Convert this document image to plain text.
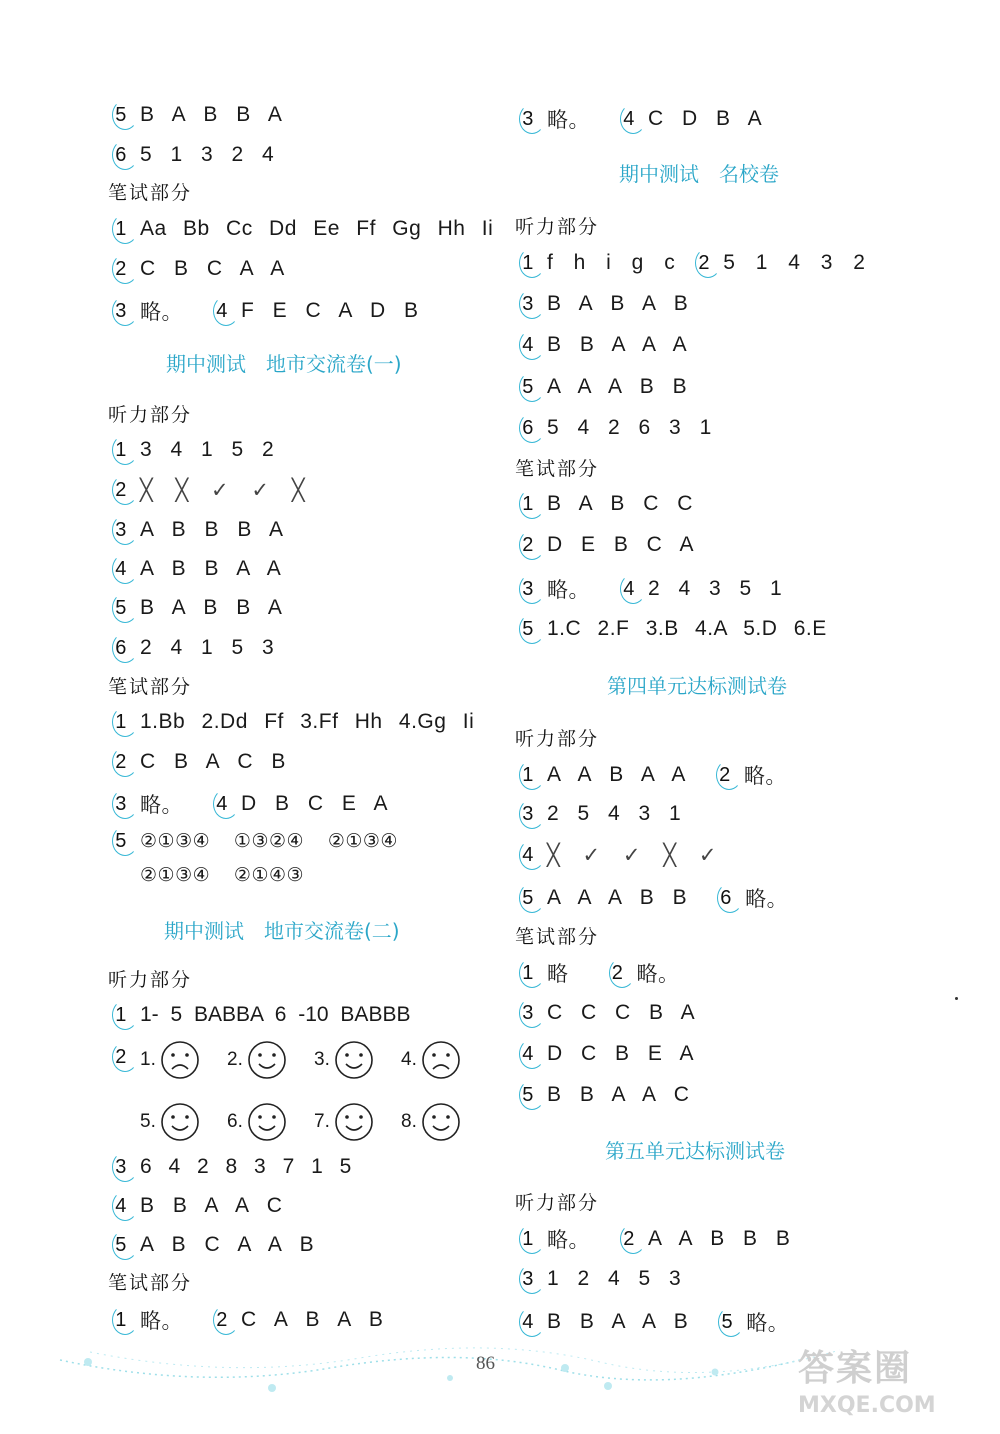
5 B A B B A
6 5 1 3 2 4
笔试部分
1 Aa Bb Cc Dd Ee Ff Gg Hh Ii
2 C B C A A
3 略。	4 F E C A D B
期中测试　地市交流卷(一)
听力部分
1 3 4 1 5 2
2 ╳ ╳ ✓ ✓ ╳
3 A B B B A
4 A B B A A
5 B A B B A
6 2 4 1 5 3
笔试部分
1 1.Bb 2.Dd Ff 3.Ff Hh 4.Gg Ii
2 C B A C B
3 略。	4 D B C E A
5 ②①③④ ①③②④ ②①③④
②①③④ ②①④③
期中测试　地市交流卷(二)
听力部分
1 1- 5 BABBA 6 -10 BABBB
2 1.	2.	3.	4.
5.	6.	7.	8.
3 6 4 2 8 3 7 1 5
4 B B A A C
5 A B C A A B
笔试部分
1 略。	2 C A B A B
3 略。	4 C D B A
期中测试　名校卷
听力部分
1 f h i g c	2 5 1 4 3 2
3 B A B A B
4 B B A A A
5 A A A B B
6 5 4 2 6 3 1
笔试部分
1 B A B C C
2 D E B C A
3 略。	4 2 4 3 5 1
5 1.C 2.F 3.B 4.A 5.D 6.E
第四单元达标测试卷
听力部分
1 A A B A A	2 略。
3 2 5 4 3 1
4 ╳ ✓ ✓ ╳ ✓
5 A A A B B	6 略。
笔试部分
1 略	2 略。
3 C C C B A
4 D C B E A
5 B B A A C
第五单元达标测试卷
听力部分
1 略。	2 A A B B B
3 1 2 4 5 3
4 B B A A B	5 略。
86	答案圈
MXQE.COM
